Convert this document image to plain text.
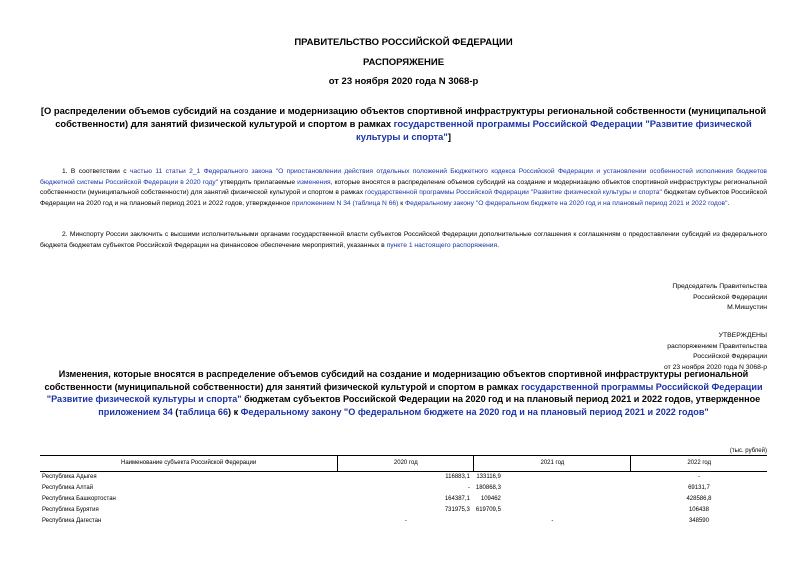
ПРАВИТЕЛЬСТВО РОССИЙСКОЙ ФЕДЕРАЦИИ
РАСПОРЯЖЕНИЕ
от 23 ноября 2020 года N 3068-р
[О распределении объемов субсидий на создание и модернизацию объектов спортивной инфраструктуры региональной собственности (муниципальной собственности) для занятий физической культурой и спортом в рамках государственной программы Российской Федерации "Развитие физической культуры и спорта"]

1. В соответствии с частью 11 статьи 2_1 Федерального закона "О приостановлении действия отдельных положений Бюджетного кодекса Российской Федерации и установлении особенностей исполнения бюджетов бюджетной системы Российской Федерации в 2020 году" утвердить прилагаемые изменения, которые вносятся в распределение объемов субсидий на создание и модернизацию объектов спортивной инфраструктуры региональной собственности (муниципальной собственности) для занятий физической культурой и спортом в рамках государственной программы Российской Федерации "Развитие физической культуры и спорта" бюджетам субъектов Российской Федерации на 2020 год и на плановый период 2021 и 2022 годов, утвержденное приложением N 34 (таблица N 66) к Федеральному закону "О федеральном бюджете на 2020 год и на плановый период 2021 и 2022 годов".

2. Минспорту России заключить с высшими исполнительными органами государственной власти субъектов Российской Федерации дополнительные соглашения к соглашениям о предоставлении субсидий из федерального бюджета бюджетам субъектов Российской Федерации на финансовое обеспечение мероприятий, указанных в пункте 1 настоящего распоряжения.

Председатель Правительства
Российской Федерации
М.Мишустин
УТВЕРЖДЕНЫ
распоряжением Правительства
Российской Федерации
от 23 ноября 2020 года N 3068-р
Изменения, которые вносятся в распределение объемов субсидий на создание и модернизацию объектов спортивной инфраструктуры региональной собственности (муниципальной собственности) для занятий физической культурой и спортом в рамках государственной программы Российской Федерации "Развитие физической культуры и спорта" бюджетам субъектов Российской Федерации на 2020 год и на плановый период 2021 и 2022 годов, утвержденное приложением 34 (таблица 66) к Федеральному закону "О федеральном бюджете на 2020 год и на плановый период 2021 и 2022 годов"
(тыс. рублей)
Наименование субъекта Российской Федерации	2020 год	2021 год	2022 год
Республика Адыгея	116883,1	133116,9	-
Республика Алтай	-	180868,3	69131,7
Республика Башкортостан	164387,1	109462	428586,8
Республика Бурятия	731975,3	619709,5	106438
Республика Дагестан	-	-	348590
